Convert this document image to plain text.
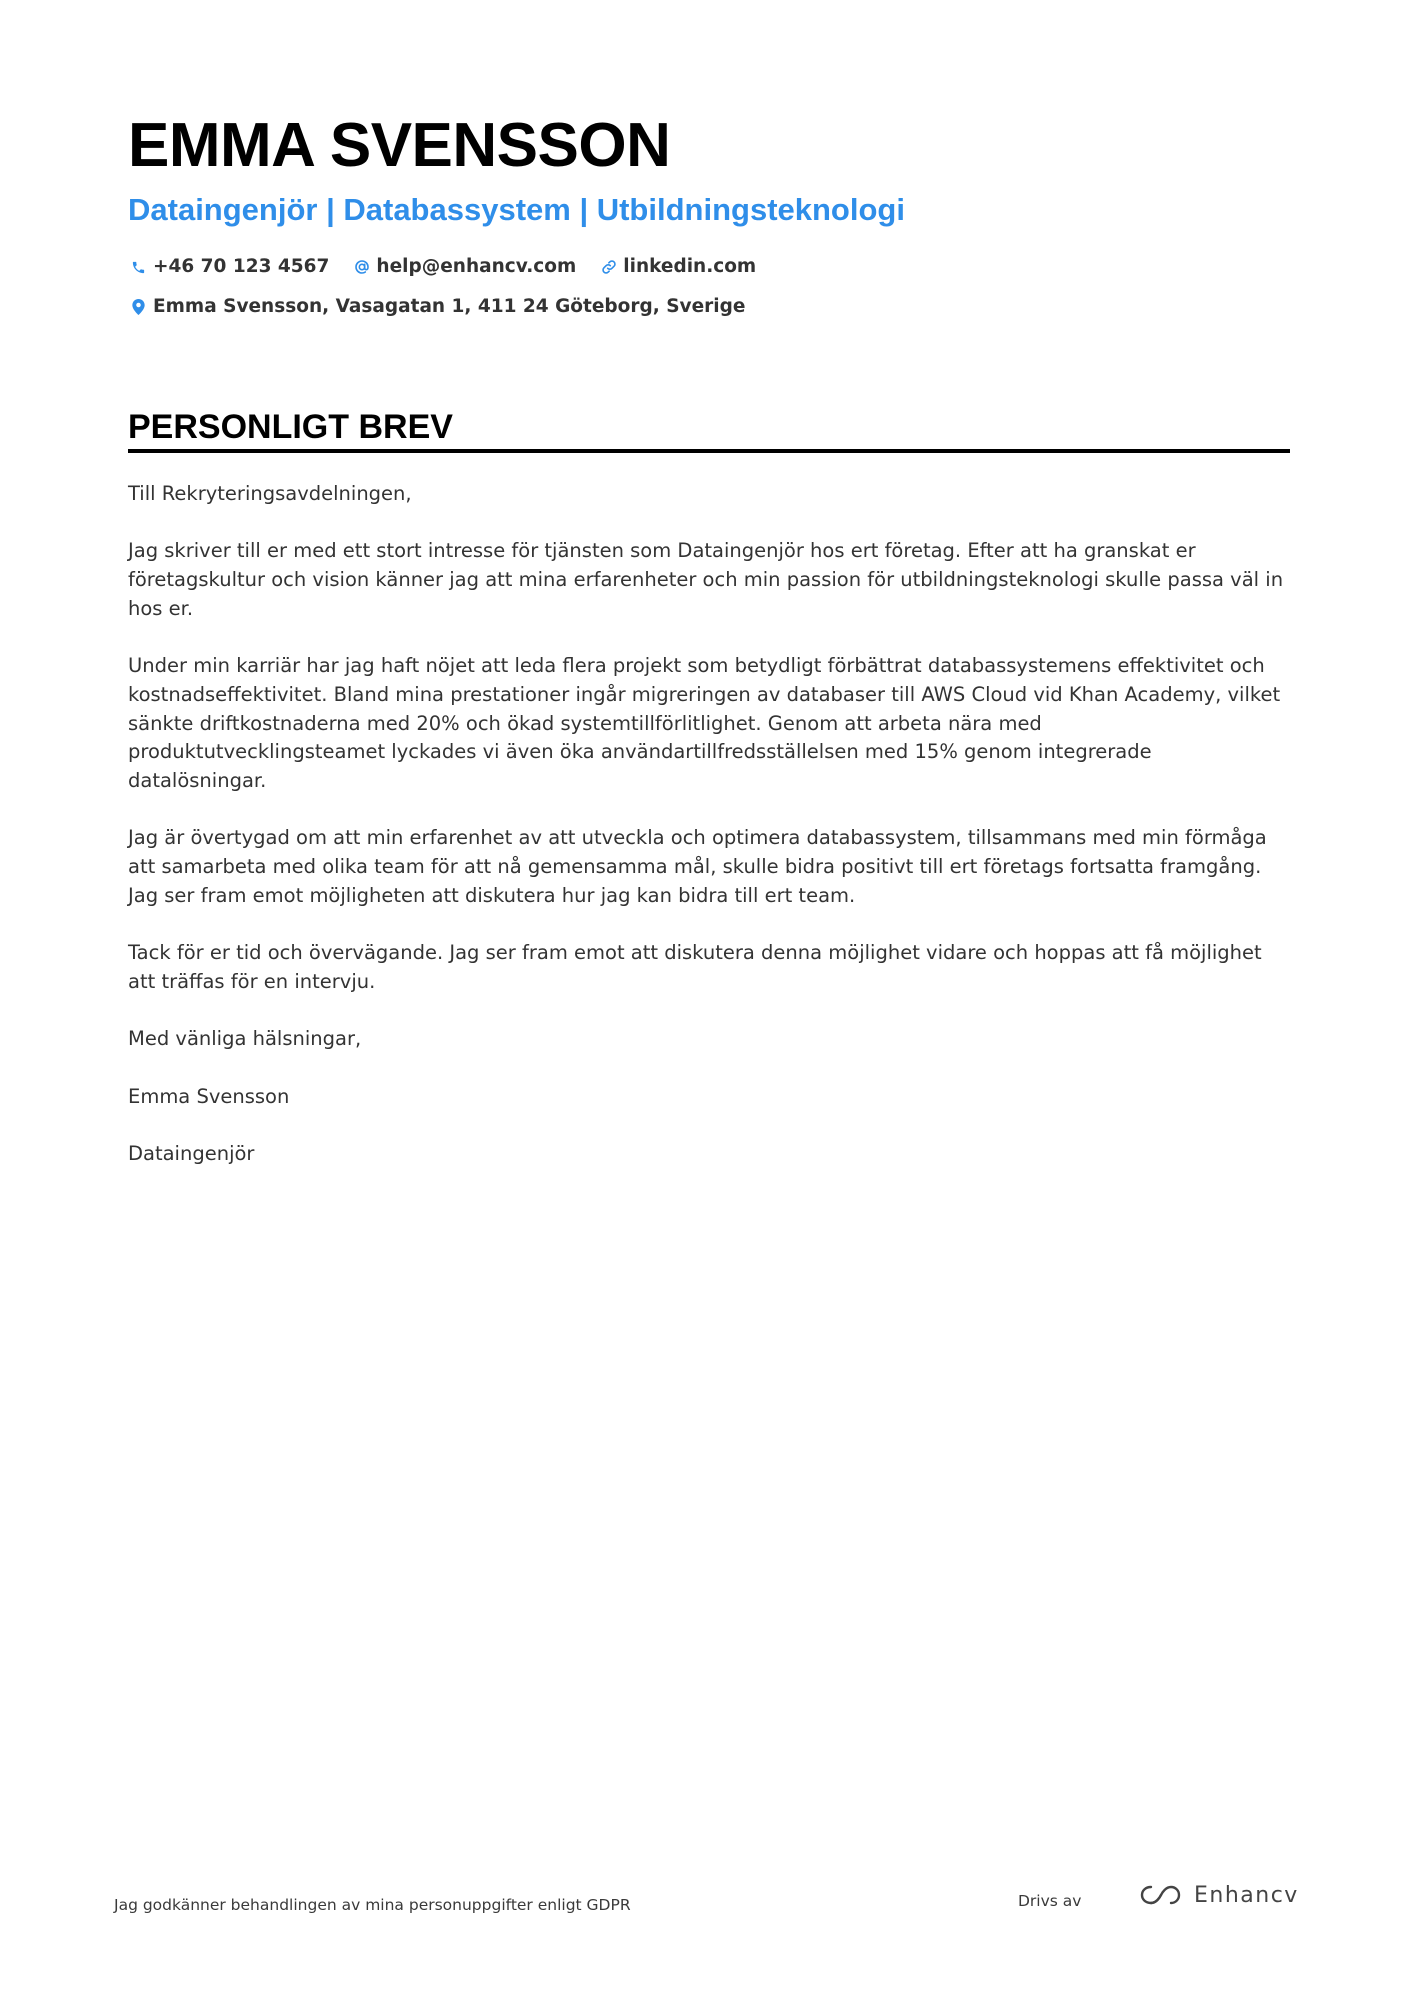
EMMA SVENSSON
Dataingenjör | Databassystem | Utbildningsteknologi
+46 70 123 4567	help@enhancv.com	linkedin.com
Emma Svensson, Vasagatan 1, 411 24 Göteborg, Sverige
PERSONLIGT BREV

Till Rekryteringsavdelningen,

Jag skriver till er med ett stort intresse för tjänsten som Dataingenjör hos ert företag. Efter att ha granskat er företagskultur och vision känner jag att mina erfarenheter och min passion för utbildningsteknologi skulle passa väl in hos er.

Under min karriär har jag haft nöjet att leda flera projekt som betydligt förbättrat databassystemens effektivitet och kostnadseffektivitet. Bland mina prestationer ingår migreringen av databaser till AWS Cloud vid Khan Academy, vilket sänkte driftkostnaderna med 20% och ökad systemtillförlitlighet. Genom att arbeta nära med produktutvecklingsteamet lyckades vi även öka användartillfredsställelsen med 15% genom integrerade datalösningar.

Jag är övertygad om att min erfarenhet av att utveckla och optimera databassystem, tillsammans med min förmåga att samarbeta med olika team för att nå gemensamma mål, skulle bidra positivt till ert företags fortsatta framgång. Jag ser fram emot möjligheten att diskutera hur jag kan bidra till ert team.

Tack för er tid och övervägande. Jag ser fram emot att diskutera denna möjlighet vidare och hoppas att få möjlighet att träffas för en intervju.

Med vänliga hälsningar,

Emma Svensson

Dataingenjör

Jag godkänner behandlingen av mina personuppgifter enligt GDPR	Drivs av	Enhancv
